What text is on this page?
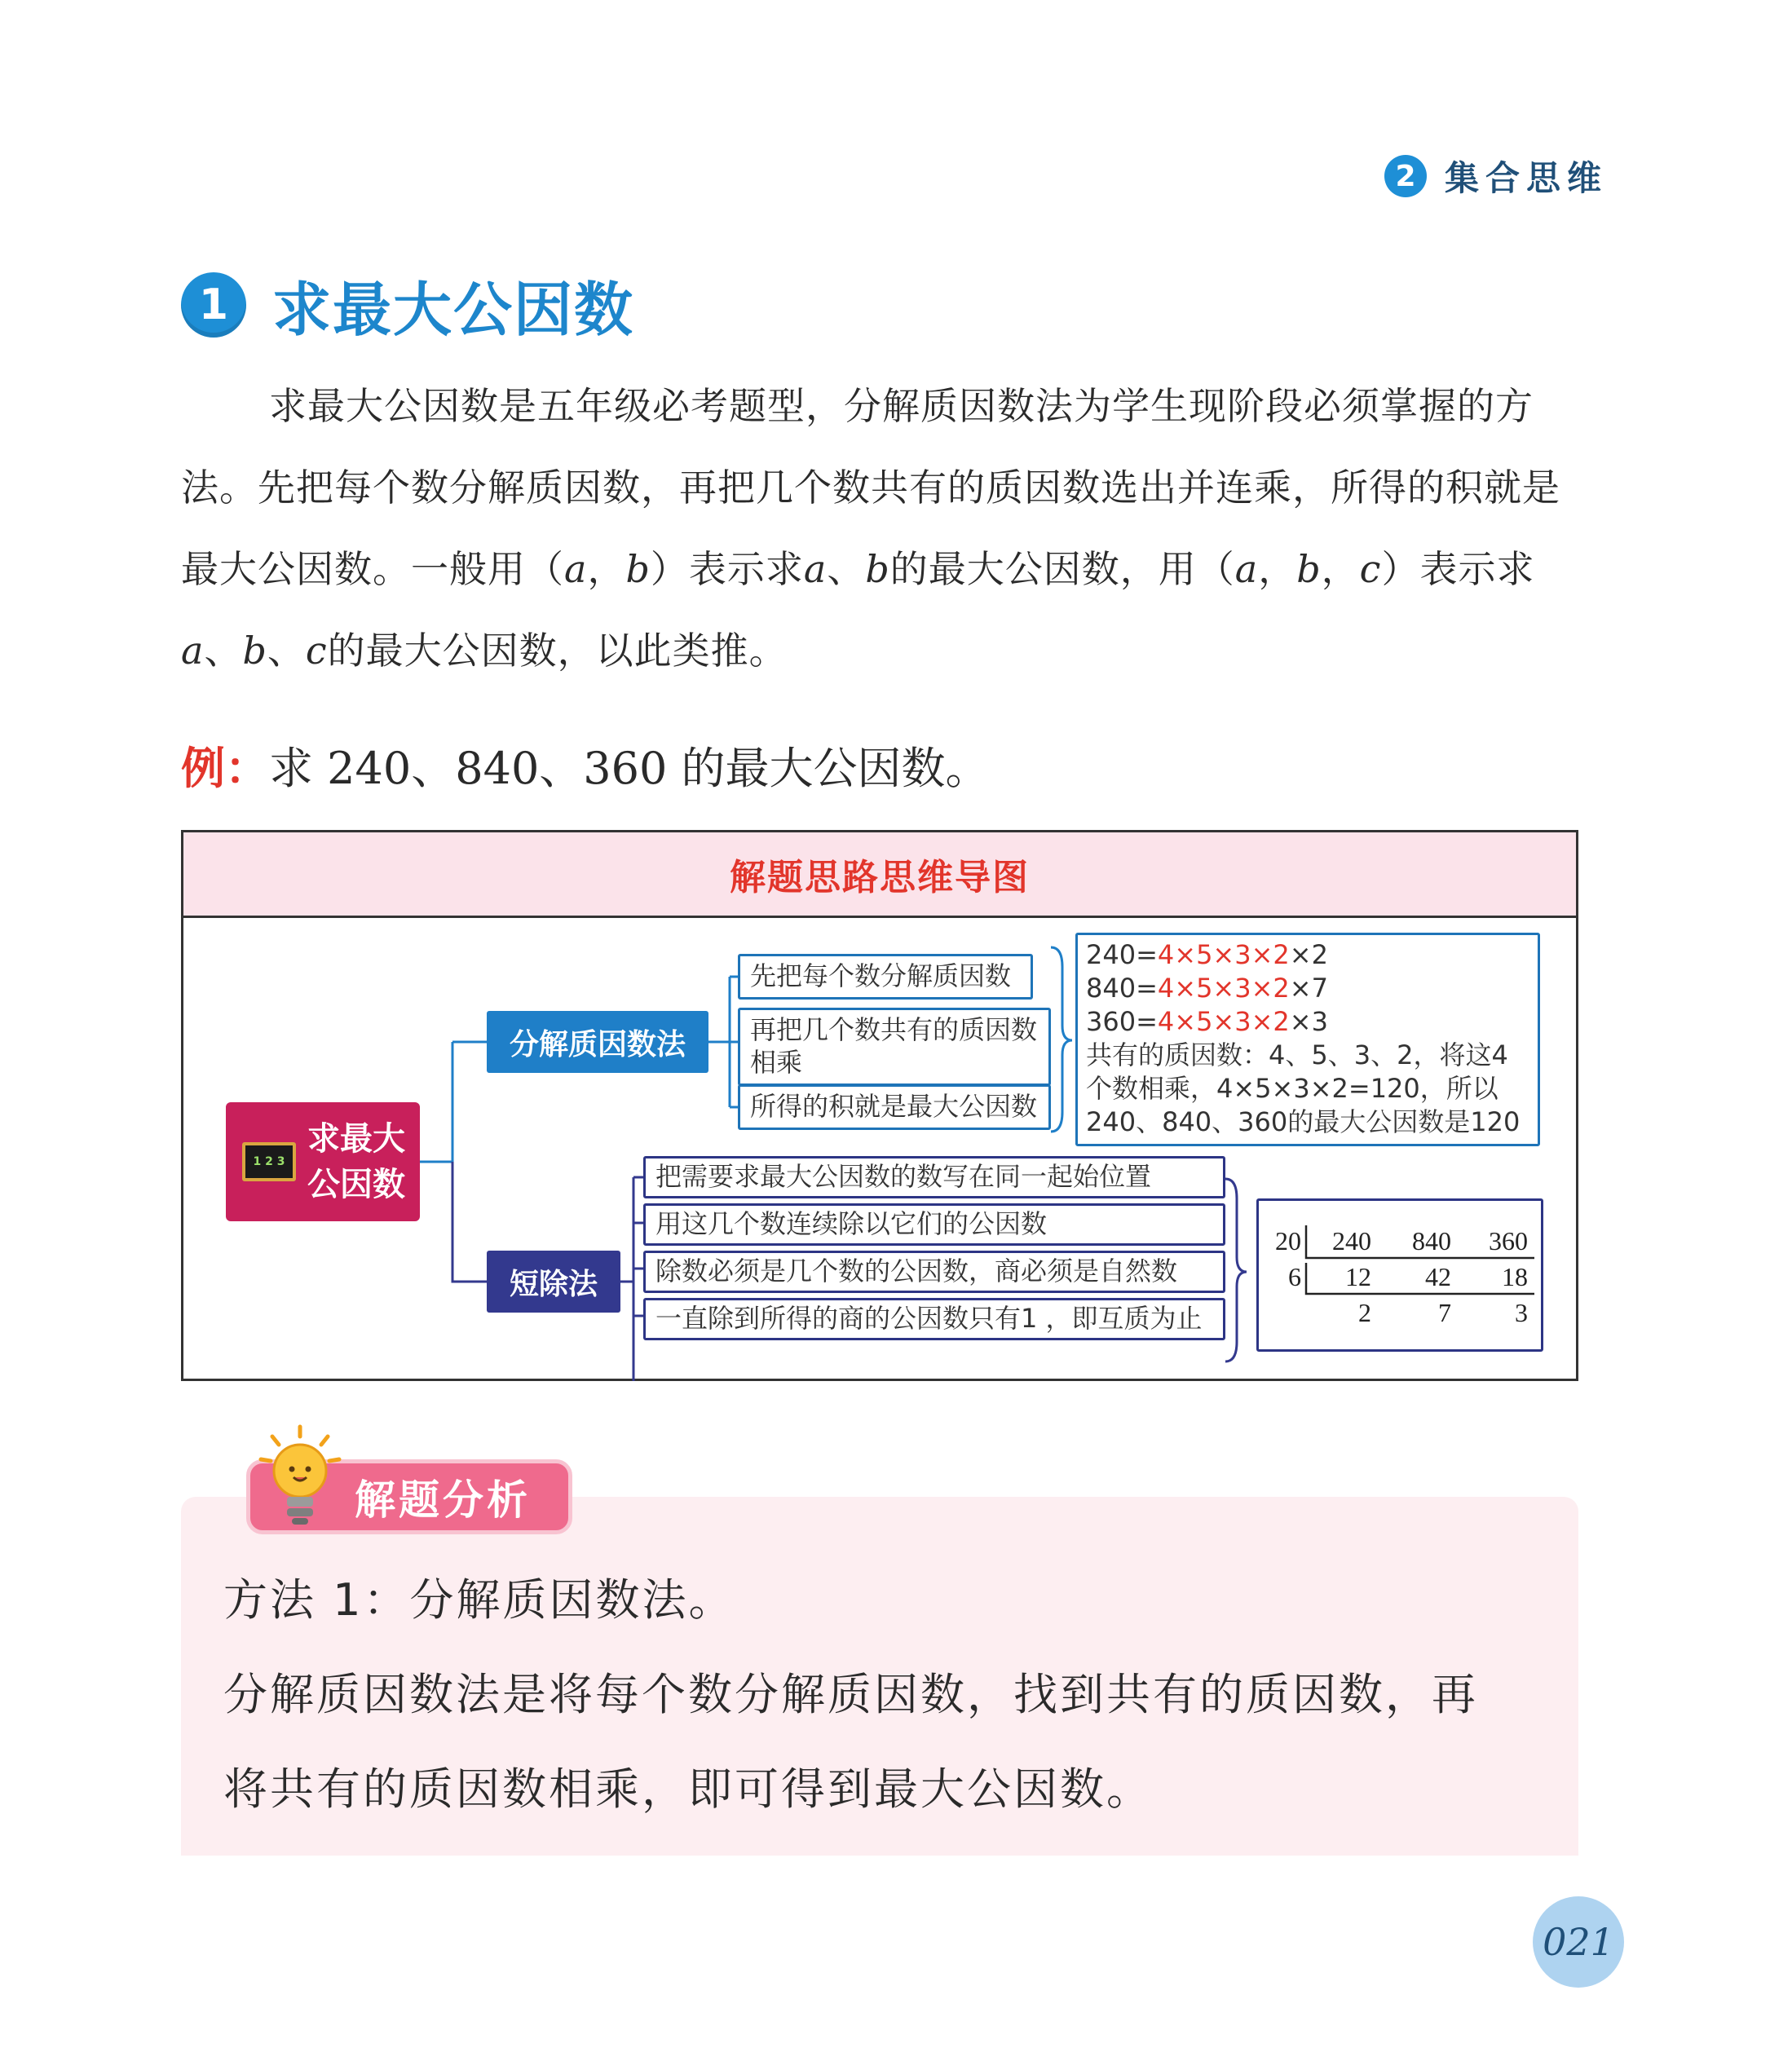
2 集合思维
1 求最大公因数

求最大公因数是五年级必考题型，分解质因数法为学生现阶段必须掌握的方法。先把每个数分解质因数，再把几个数共有的质因数选出并连乘，所得的积就是最大公因数。一般用（a，b）表示求a、b的最大公因数，用（a，b，c）表示求a、b、c的最大公因数，以此类推。

例：求 240、840、360 的最大公因数。
解题思路思维导图
1 2 3
求最大
公因数
分解质因数法
短除法
先把每个数分解质因数
再把几个数共有的质因数相乘
所得的积就是最大公因数
240=4×5×3×2×2
840=4×5×3×2×7
360=4×5×3×2×3
共有的质因数：4、5、3、2，将这4个数相乘，4×5×3×2=120，所以240、840、360的最大公因数是120
把需要求最大公因数的数写在同一起始位置
用这几个数连续除以它们的公因数
除数必须是几个数的公因数，商必须是自然数
一直除到所得的商的公因数只有1 ，即互质为止
20
6
240 840 360
12 42 18
2	7 3
解题分析
方法 1：分解质因数法。
分解质因数法是将每个数分解质因数，找到共有的质因数，再
将共有的质因数相乘，即可得到最大公因数。
021
